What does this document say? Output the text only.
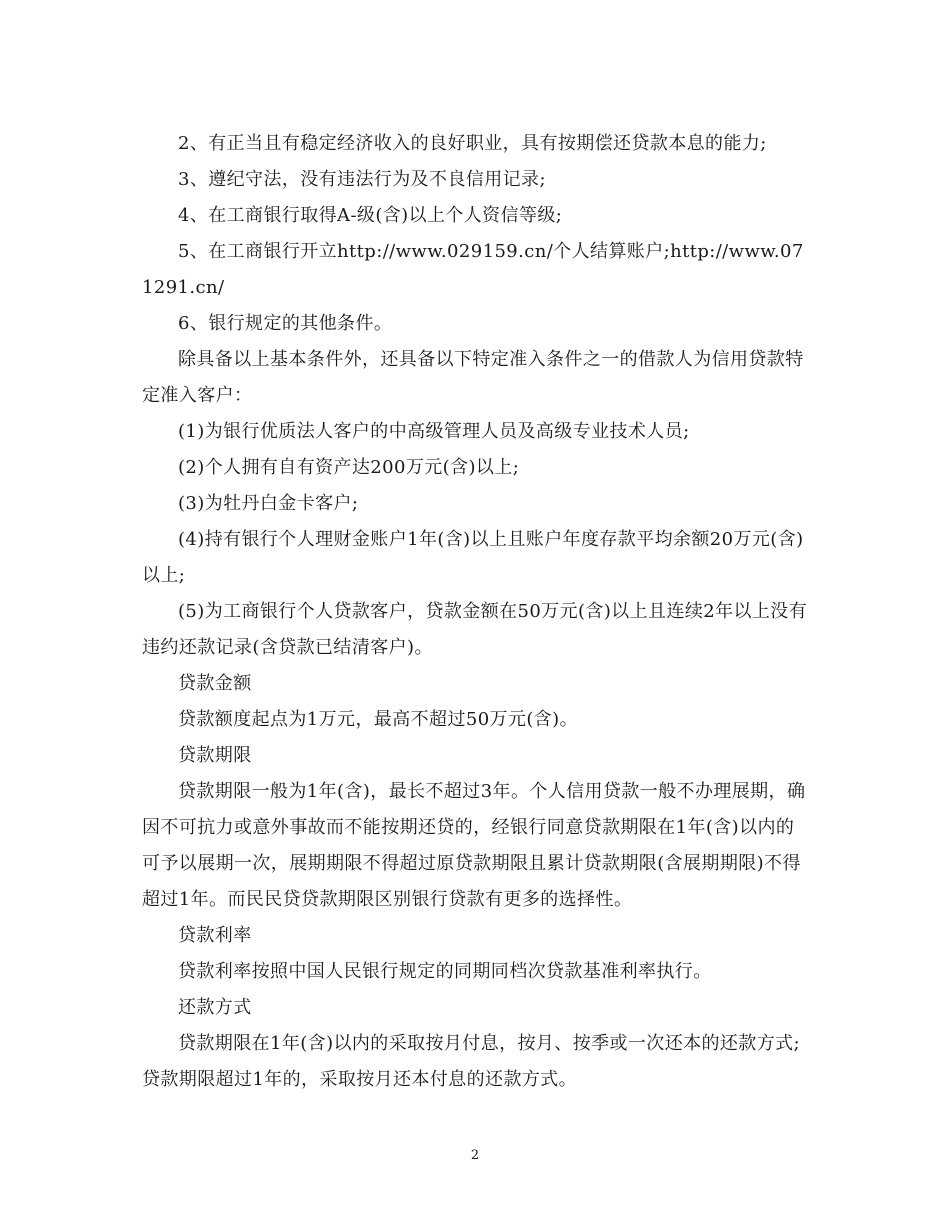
2、有正当且有稳定经济收入的良好职业，具有按期偿还贷款本息的能力;

3、遵纪守法，没有违法行为及不良信用记录;

4、在工商银行取得A-级(含)以上个人资信等级;

5、在工商银行开立http://www.029159.cn/个人结算账户;http://www.071291.cn/

6、银行规定的其他条件。

除具备以上基本条件外，还具备以下特定准入条件之一的借款人为信用贷款特定准入客户：

(1)为银行优质法人客户的中高级管理人员及高级专业技术人员;

(2)个人拥有自有资产达200万元(含)以上;

(3)为牡丹白金卡客户;

(4)持有银行个人理财金账户1年(含)以上且账户年度存款平均余额20万元(含)以上;

(5)为工商银行个人贷款客户，贷款金额在50万元(含)以上且连续2年以上没有违约还款记录(含贷款已结清客户)。

贷款金额

贷款额度起点为1万元，最高不超过50万元(含)。

贷款期限

贷款期限一般为1年(含)，最长不超过3年。个人信用贷款一般不办理展期，确因不可抗力或意外事故而不能按期还贷的，经银行同意贷款期限在1年(含)以内的可予以展期一次，展期期限不得超过原贷款期限且累计贷款期限(含展期期限)不得超过1年。而民民贷贷款期限区别银行贷款有更多的选择性。

贷款利率

贷款利率按照中国人民银行规定的同期同档次贷款基准利率执行。

还款方式

贷款期限在1年(含)以内的采取按月付息，按月、按季或一次还本的还款方式;贷款期限超过1年的，采取按月还本付息的还款方式。

2
